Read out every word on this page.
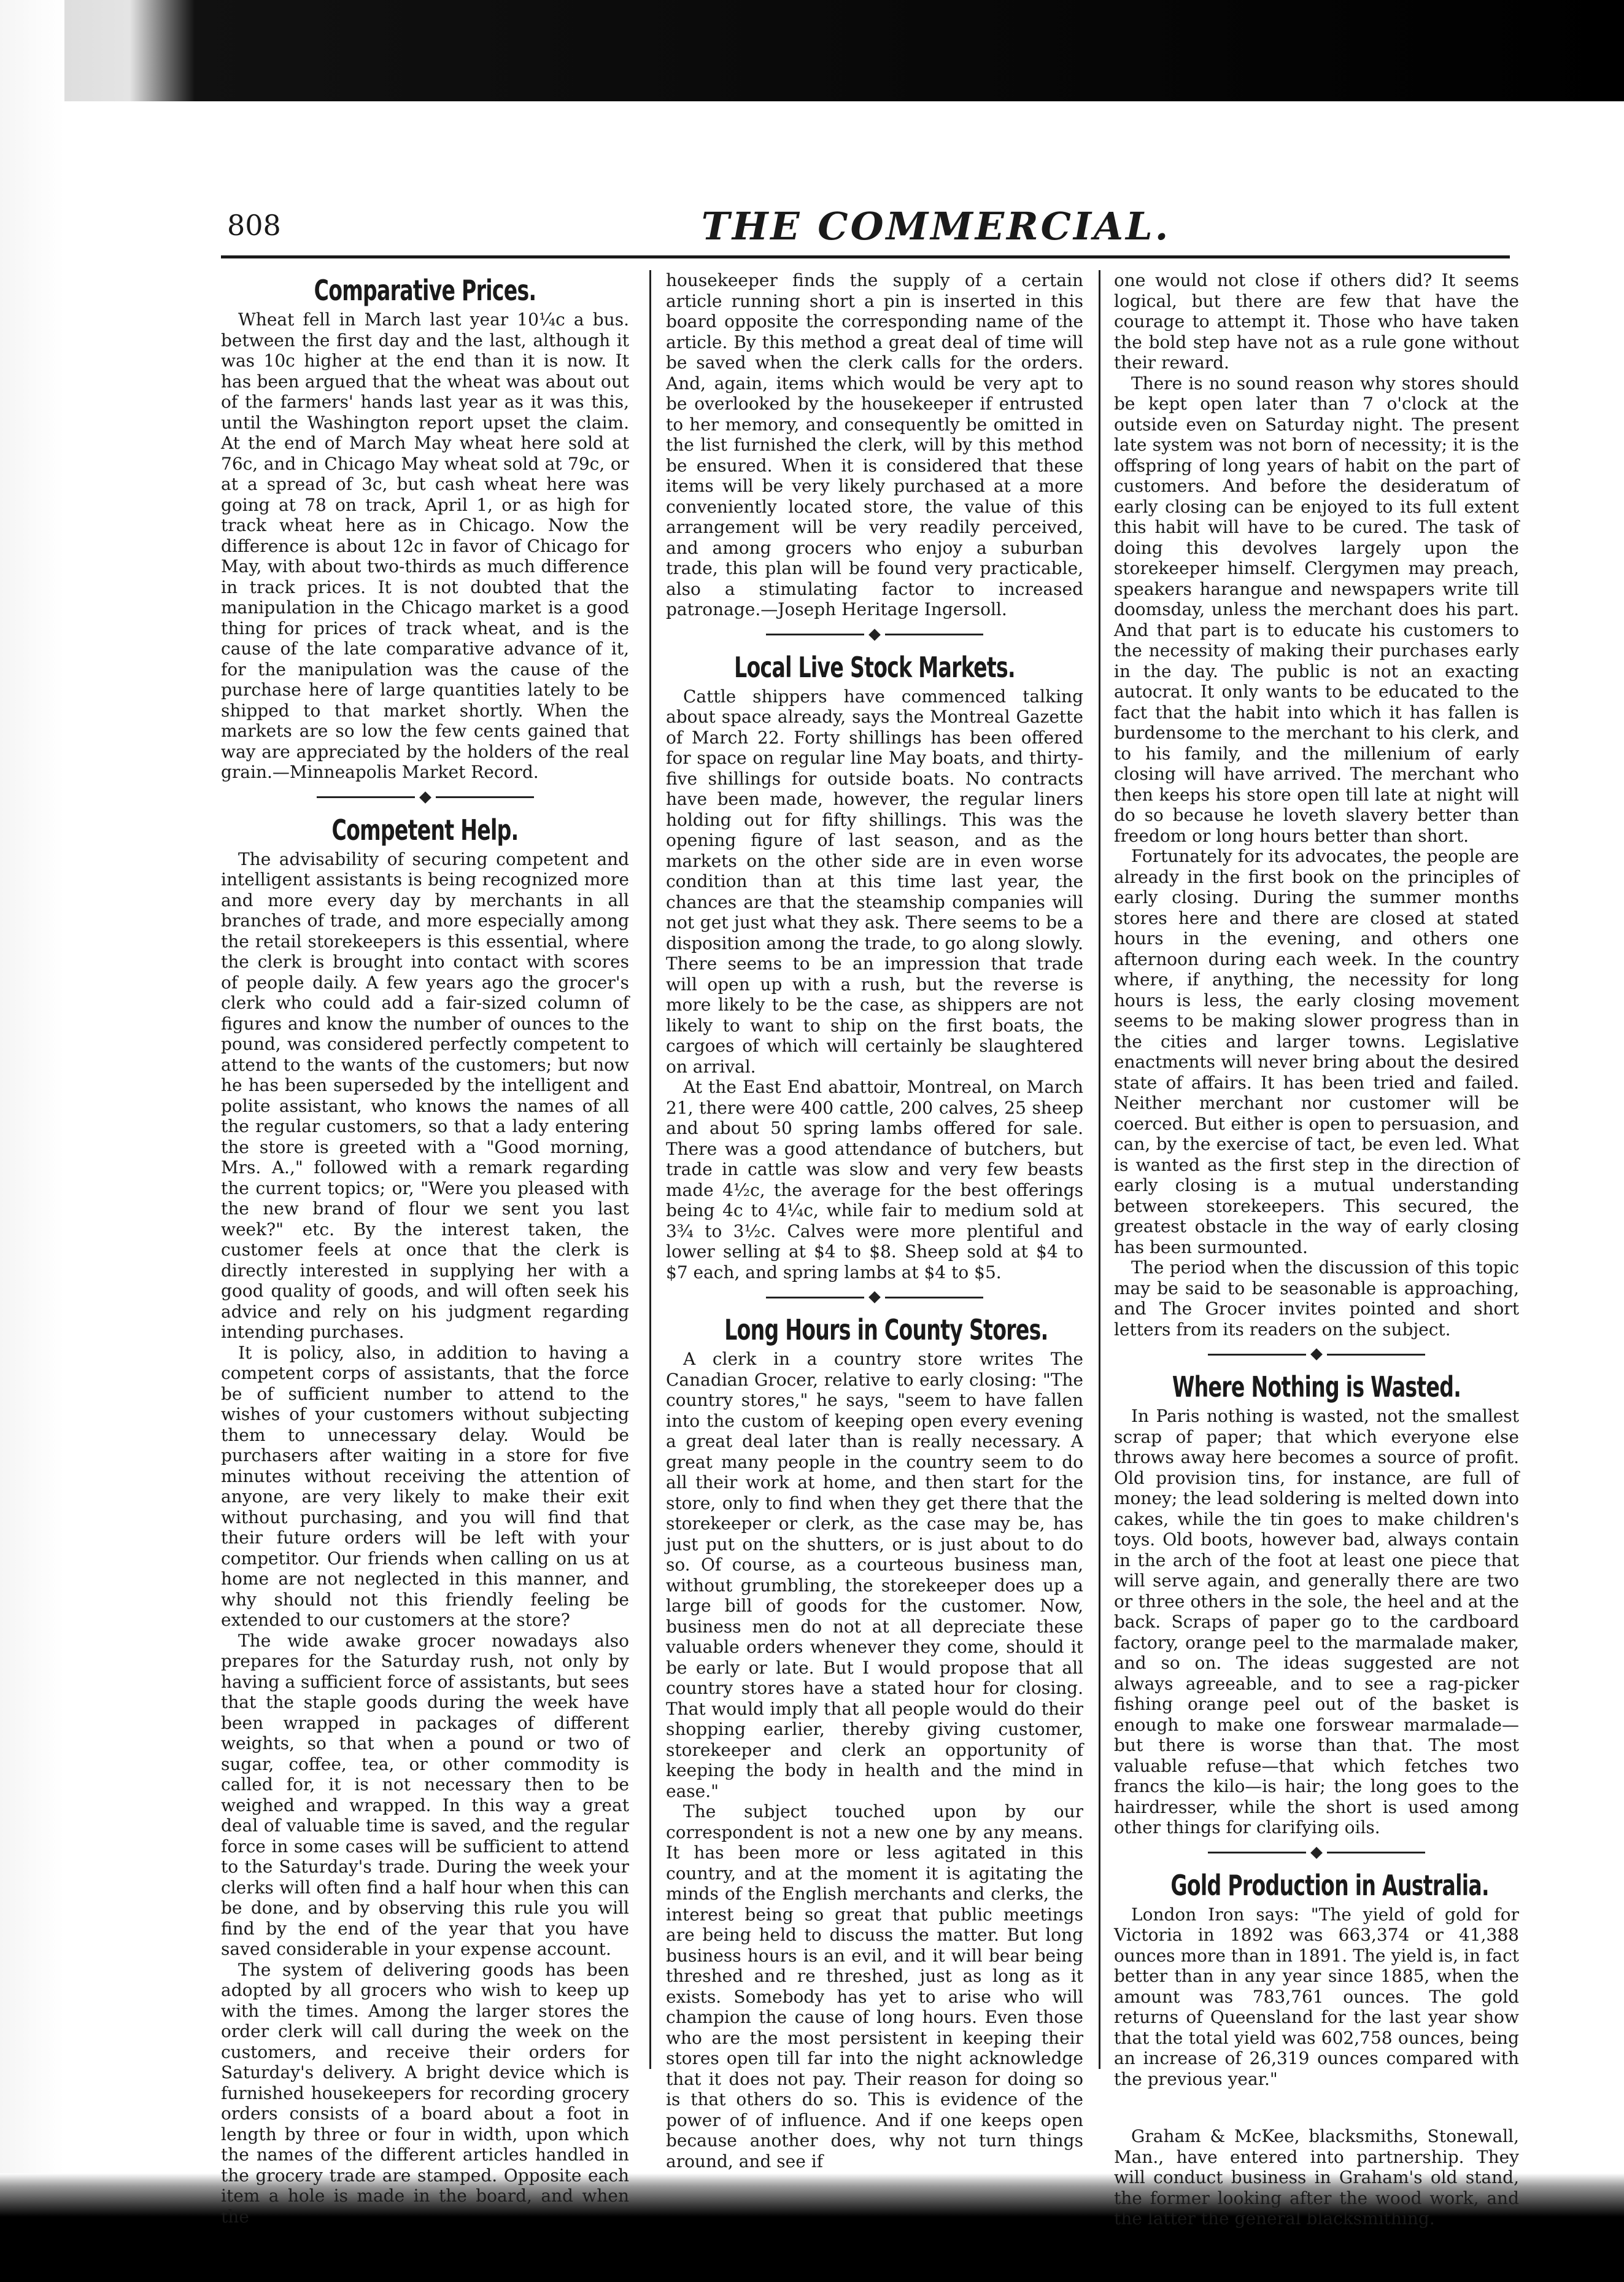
808	THE COMMERCIAL.
Comparative Prices.

Wheat fell in March last year 10¼c a bus. between the first day and the last, although it was 10c higher at the end than it is now. It has been argued that the wheat was about out of the farmers' hands last year as it was this, until the Washington report upset the claim. At the end of March May wheat here sold at 76c, and in Chicago May wheat sold at 79c, or at a spread of 3c, but cash wheat here was going at 78 on track, April 1, or as high for track wheat here as in Chicago. Now the difference is about 12c in favor of Chicago for May, with about two-thirds as much difference in track prices. It is not doubted that the manipulation in the Chicago market is a good thing for prices of track wheat, and is the cause of the late comparative advance of it, for the manipulation was the cause of the purchase here of large quantities lately to be shipped to that market shortly. When the markets are so low the few cents gained that way are appreciated by the holders of the real grain.—Minneapolis Market Record.

Competent Help.

The advisability of securing competent and intelligent assistants is being recognized more and more every day by merchants in all branches of trade, and more especially among the retail storekeepers is this essential, where the clerk is brought into contact with scores of people daily. A few years ago the grocer's clerk who could add a fair-sized column of figures and know the number of ounces to the pound, was considered perfectly competent to attend to the wants of the customers; but now he has been superseded by the intelligent and polite assistant, who knows the names of all the regular customers, so that a lady entering the store is greeted with a "Good morning, Mrs. A.," followed with a remark regarding the current topics; or, "Were you pleased with the new brand of flour we sent you last week?" etc. By the interest taken, the customer feels at once that the clerk is directly interested in supplying her with a good quality of goods, and will often seek his advice and rely on his judgment regarding intending purchases.

It is policy, also, in addition to having a competent corps of assistants, that the force be of sufficient number to attend to the wishes of your customers without subjecting them to unnecessary delay. Would be purchasers after waiting in a store for five minutes without receiving the attention of anyone, are very likely to make their exit without purchasing, and you will find that their future orders will be left with your competitor. Our friends when calling on us at home are not neglected in this manner, and why should not this friendly feeling be extended to our customers at the store?

The wide awake grocer nowadays also prepares for the Saturday rush, not only by having a sufficient force of assistants, but sees that the staple goods during the week have been wrapped in packages of different weights, so that when a pound or two of sugar, coffee, tea, or other commodity is called for, it is not necessary then to be weighed and wrapped. In this way a great deal of valuable time is saved, and the regular force in some cases will be sufficient to attend to the Saturday's trade. During the week your clerks will often find a half hour when this can be done, and by observing this rule you will find by the end of the year that you have saved considerable in your expense account.

The system of delivering goods has been adopted by all grocers who wish to keep up with the times. Among the larger stores the order clerk will call during the week on the customers, and receive their orders for Saturday's delivery. A bright device which is furnished housekeepers for recording grocery orders consists of a board about a foot in length by three or four in width, upon which the names of the different articles handled in the grocery trade are stamped. Opposite each item a hole is made in the board, and when the

housekeeper finds the supply of a certain article running short a pin is inserted in this board opposite the corresponding name of the article. By this method a great deal of time will be saved when the clerk calls for the orders. And, again, items which would be very apt to be overlooked by the housekeeper if entrusted to her memory, and consequently be omitted in the list furnished the clerk, will by this method be ensured. When it is considered that these items will be very likely purchased at a more conveniently located store, the value of this arrangement will be very readily perceived, and among grocers who enjoy a suburban trade, this plan will be found very practicable, also a stimulating factor to increased patronage.—Joseph Heritage Ingersoll.

Local Live Stock Markets.

Cattle shippers have commenced talking about space already, says the Montreal Gazette of March 22. Forty shillings has been offered for space on regular line May boats, and thirty-five shillings for outside boats. No contracts have been made, however, the regular liners holding out for fifty shillings. This was the opening figure of last season, and as the markets on the other side are in even worse condition than at this time last year, the chances are that the steamship companies will not get just what they ask. There seems to be a disposition among the trade, to go along slowly. There seems to be an impression that trade will open up with a rush, but the reverse is more likely to be the case, as shippers are not likely to want to ship on the first boats, the cargoes of which will certainly be slaughtered on arrival.

At the East End abattoir, Montreal, on March 21, there were 400 cattle, 200 calves, 25 sheep and about 50 spring lambs offered for sale. There was a good attendance of butchers, but trade in cattle was slow and very few beasts made 4½c, the average for the best offerings being 4c to 4¼c, while fair to medium sold at 3¾ to 3½c. Calves were more plentiful and lower selling at $4 to $8. Sheep sold at $4 to $7 each, and spring lambs at $4 to $5.

Long Hours in County Stores.

A clerk in a country store writes The Canadian Grocer, relative to early closing: "The country stores," he says, "seem to have fallen into the custom of keeping open every evening a great deal later than is really necessary. A great many people in the country seem to do all their work at home, and then start for the store, only to find when they get there that the storekeeper or clerk, as the case may be, has just put on the shutters, or is just about to do so. Of course, as a courteous business man, without grumbling, the storekeeper does up a large bill of goods for the customer. Now, business men do not at all depreciate these valuable orders whenever they come, should it be early or late. But I would propose that all country stores have a stated hour for closing. That would imply that all people would do their shopping earlier, thereby giving customer, storekeeper and clerk an opportunity of keeping the body in health and the mind in ease."

The subject touched upon by our correspondent is not a new one by any means. It has been more or less agitated in this country, and at the moment it is agitating the minds of the English merchants and clerks, the interest being so great that public meetings are being held to discuss the matter. But long business hours is an evil, and it will bear being threshed and re threshed, just as long as it exists. Somebody has yet to arise who will champion the cause of long hours. Even those who are the most persistent in keeping their stores open till far into the night acknowledge that it does not pay. Their reason for doing so is that others do so. This is evidence of the power of of influence. And if one keeps open because another does, why not turn things around, and see if

one would not close if others did? It seems logical, but there are few that have the courage to attempt it. Those who have taken the bold step have not as a rule gone without their reward.

There is no sound reason why stores should be kept open later than 7 o'clock at the outside even on Saturday night. The present late system was not born of necessity; it is the offspring of long years of habit on the part of customers. And before the desideratum of early closing can be enjoyed to its full extent this habit will have to be cured. The task of doing this devolves largely upon the storekeeper himself. Clergymen may preach, speakers harangue and newspapers write till doomsday, unless the merchant does his part. And that part is to educate his customers to the necessity of making their purchases early in the day. The public is not an exacting autocrat. It only wants to be educated to the fact that the habit into which it has fallen is burdensome to the merchant to his clerk, and to his family, and the millenium of early closing will have arrived. The merchant who then keeps his store open till late at night will do so because he loveth slavery better than freedom or long hours better than short.

Fortunately for its advocates, the people are already in the first book on the principles of early closing. During the summer months stores here and there are closed at stated hours in the evening, and others one afternoon during each week. In the country where, if anything, the necessity for long hours is less, the early closing movement seems to be making slower progress than in the cities and larger towns. Legislative enactments will never bring about the desired state of affairs. It has been tried and failed. Neither merchant nor customer will be coerced. But either is open to persuasion, and can, by the exercise of tact, be even led. What is wanted as the first step in the direction of early closing is a mutual understanding between storekeepers. This secured, the greatest obstacle in the way of early closing has been surmounted.

The period when the discussion of this topic may be said to be seasonable is approaching, and The Grocer invites pointed and short letters from its readers on the subject.

Where Nothing is Wasted.

In Paris nothing is wasted, not the smallest scrap of paper; that which everyone else throws away here becomes a source of profit. Old provision tins, for instance, are full of money; the lead soldering is melted down into cakes, while the tin goes to make children's toys. Old boots, however bad, always contain in the arch of the foot at least one piece that will serve again, and generally there are two or three others in the sole, the heel and at the back. Scraps of paper go to the cardboard factory, orange peel to the marmalade maker, and so on. The ideas suggested are not always agreeable, and to see a rag-picker fishing orange peel out of the basket is enough to make one forswear marmalade—but there is worse than that. The most valuable refuse—that which fetches two francs the kilo—is hair; the long goes to the hairdresser, while the short is used among other things for clarifying oils.

Gold Production in Australia.

London Iron says: "The yield of gold for Victoria in 1892 was 663,374 or 41,388 ounces more than in 1891. The yield is, in fact better than in any year since 1885, when the amount was 783,761 ounces. The gold returns of Queensland for the last year show that the total yield was 602,758 ounces, being an increase of 26,319 ounces compared with the previous year."

Graham & McKee, blacksmiths, Stonewall, Man., have entered into partnership. They will conduct business in Graham's old stand, the former looking after the wood work, and the latter the general blacksmithing.
